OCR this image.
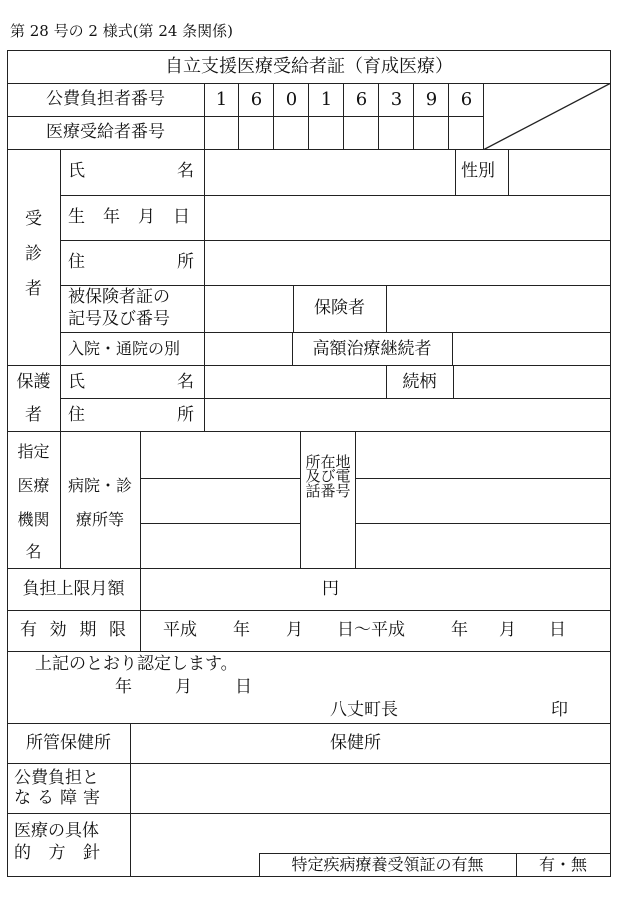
第 28 号の 2 様式(第 24 条関係)
自立支援医療受給者証（育成医療）
公費負担者番号	1	6	0	1	6	3	9	6
医療受給者番号
受
診
者
氏	名	性別
生 年 月 日
住	所
被保険者証の
記号及び番号
保険者
入院・通院の別	高額治療継続者
保護
者
氏	名	続柄
住	所
指定
医療
機関
名
病院・診
療所等
所在地及び電話番号
負担上限月額	円
有 効 期 限 平成 年 月 日〜平成	年 月 日
上記のとおり認定します。
年	月	日
八丈町長	印
所管保健所	保健所
公費負担と
な る 障 害
医療の具体
的 方 針
特定疾病療養受領証の有無	有・無
